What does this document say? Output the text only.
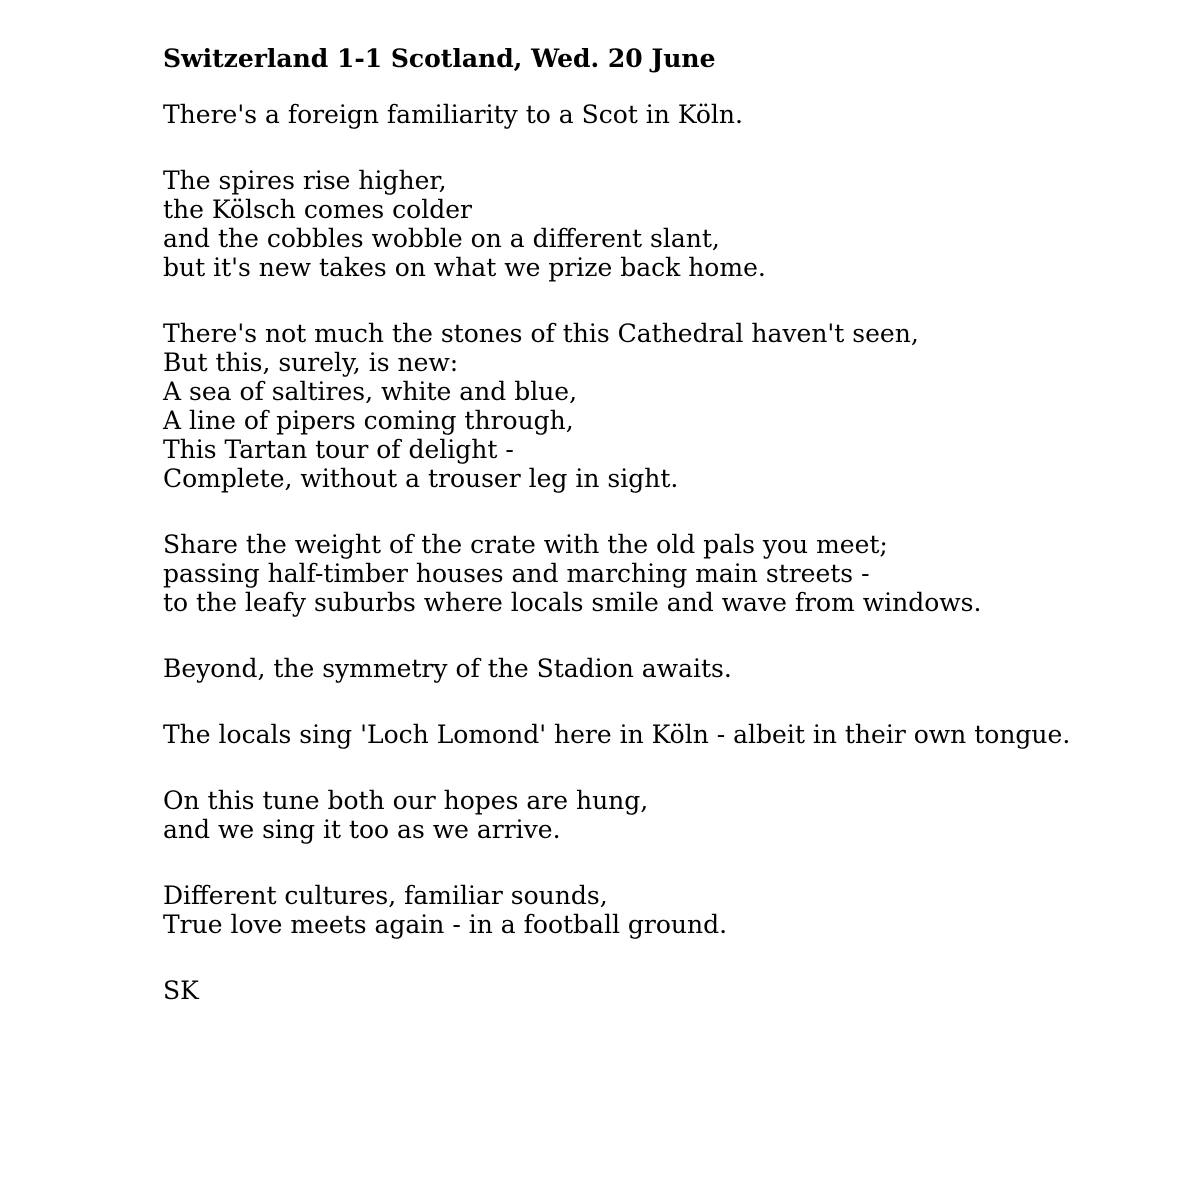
Switzerland 1-1 Scotland, Wed. 20 June
There's a foreign familiarity to a Scot in Köln.
The spires rise higher,
the Kölsch comes colder
and the cobbles wobble on a different slant,
but it's new takes on what we prize back home.
There's not much the stones of this Cathedral haven't seen,
But this, surely, is new:
A sea of saltires, white and blue,
A line of pipers coming through,
This Tartan tour of delight -
Complete, without a trouser leg in sight.
Share the weight of the crate with the old pals you meet;
passing half-timber houses and marching main streets -
to the leafy suburbs where locals smile and wave from windows.
Beyond, the symmetry of the Stadion awaits.
The locals sing 'Loch Lomond' here in Köln - albeit in their own tongue.
On this tune both our hopes are hung,
and we sing it too as we arrive.
Different cultures, familiar sounds,
True love meets again - in a football ground.
SK
